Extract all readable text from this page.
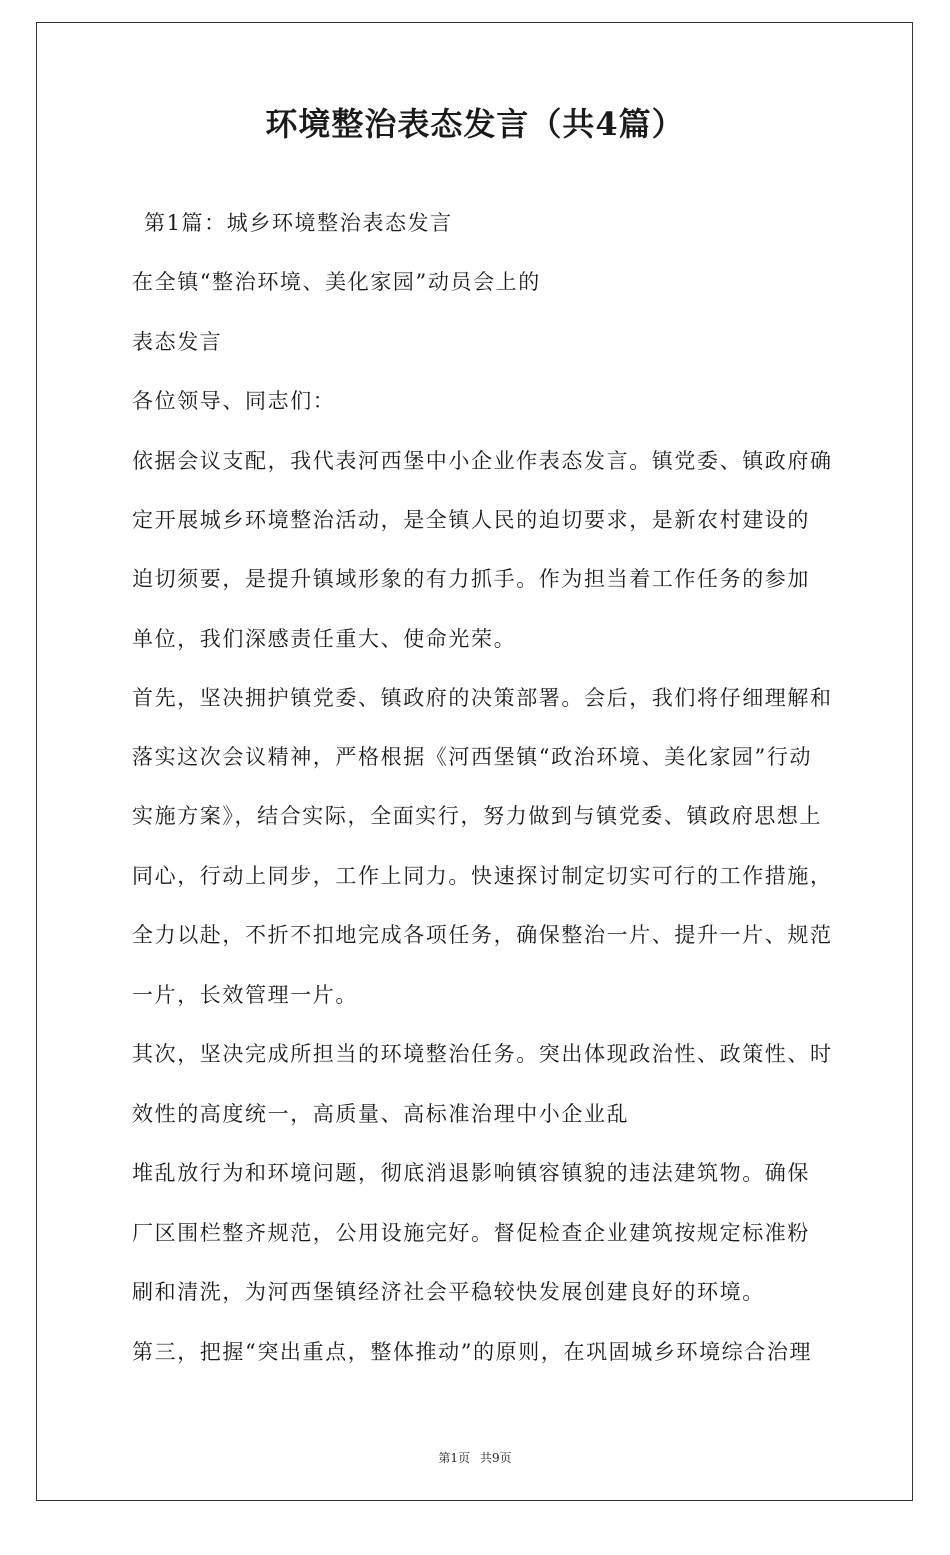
环境整治表态发言（共4篇）

第1篇：城乡环境整治表态发言

在全镇“整治环境、美化家园”动员会上的

表态发言

各位领导、同志们：

依据会议支配，我代表河西堡中小企业作表态发言。镇党委、镇政府确

定开展城乡环境整治活动，是全镇人民的迫切要求，是新农村建设的

迫切须要，是提升镇域形象的有力抓手。作为担当着工作任务的参加

单位，我们深感责任重大、使命光荣。

首先，坚决拥护镇党委、镇政府的决策部署。会后，我们将仔细理解和

落实这次会议精神，严格根据《河西堡镇“政治环境、美化家园”行动

实施方案》，结合实际，全面实行，努力做到与镇党委、镇政府思想上

同心，行动上同步，工作上同力。快速探讨制定切实可行的工作措施，

全力以赴，不折不扣地完成各项任务，确保整治一片、提升一片、规范

一片，长效管理一片。

其次，坚决完成所担当的环境整治任务。突出体现政治性、政策性、时

效性的高度统一，高质量、高标准治理中小企业乱

堆乱放行为和环境问题，彻底消退影响镇容镇貌的违法建筑物。确保

厂区围栏整齐规范，公用设施完好。督促检查企业建筑按规定标准粉

刷和清洗，为河西堡镇经济社会平稳较快发展创建良好的环境。

第三，把握“突出重点，整体推动”的原则，在巩固城乡环境综合治理

第1页 共9页
